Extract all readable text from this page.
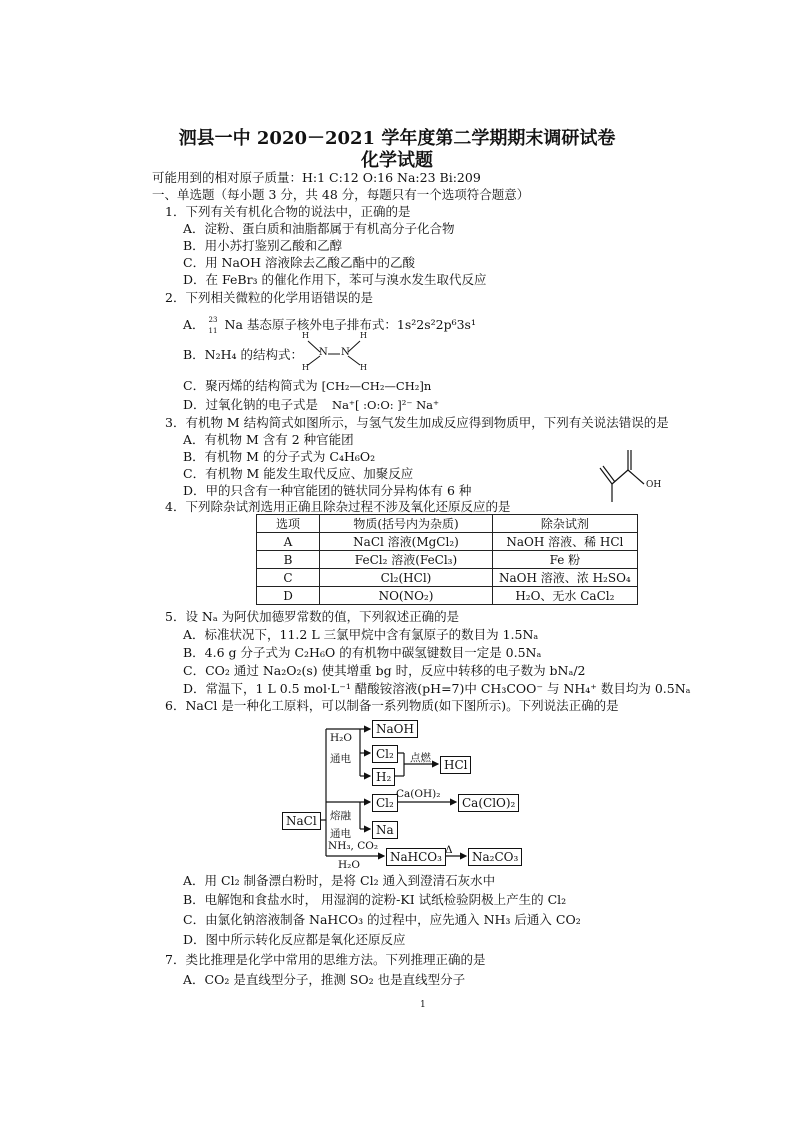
泗县一中 2020－2021 学年度第二学期期末调研试卷
化学试题
可能用到的相对原子质量：H:1 C:12 O:16 Na:23 Bi:209
一、单选题（每小题 3 分，共 48 分，每题只有一个选项符合题意）
1．下列有关有机化合物的说法中，正确的是
A．淀粉、蛋白质和油脂都属于有机高分子化合物
B．用小苏打鉴别乙酸和乙醇
C．用 NaOH 溶液除去乙酸乙酯中的乙酸
D．在 FeBr₃ 的催化作用下，苯可与溴水发生取代反应
2．下列相关微粒的化学用语错误的是
A． 23
11 Na 基态原子核外电子排布式：1s²2s²2p⁶3s¹
B．N₂H₄ 的结构式： N N
H
H
H
H
C．聚丙烯的结构简式为 [CH₂—CH₂—CH₂]n
D．过氧化钠的电子式是 Na⁺[ :O:O: ]²⁻ Na⁺
3．有机物 M 结构简式如图所示，与氢气发生加成反应得到物质甲，下列有关说法错误的是
A．有机物 M 含有 2 种官能团
B．有机物 M 的分子式为 C₄H₆O₂
C．有机物 M 能发生取代反应、加聚反应
D．甲的只含有一种官能团的链状同分异构体有 6 种	OH
4．下列除杂试剂选用正确且除杂过程不涉及氧化还原反应的是
选项	物质(括号内为杂质)	除杂试剂
A	NaCl 溶液(MgCl₂)	NaOH 溶液、稀 HCl
B	FeCl₂ 溶液(FeCl₃)	Fe 粉
C	Cl₂(HCl)	NaOH 溶液、浓 H₂SO₄
D	NO(NO₂)	H₂O、无水 CaCl₂
5．设 Nₐ 为阿伏加德罗常数的值，下列叙述正确的是
A．标准状况下，11.2 L 三氯甲烷中含有氯原子的数目为 1.5Nₐ
B．4.6 g 分子式为 C₂H₆O 的有机物中碳氢键数目一定是 0.5Nₐ
C．CO₂ 通过 Na₂O₂(s) 使其增重 bg 时，反应中转移的电子数为 bNₐ/2
D．常温下，1 L 0.5 mol·L⁻¹ 醋酸铵溶液(pH=7)中 CH₃COO⁻ 与 NH₄⁺ 数目均为 0.5Nₐ
6．NaCl 是一种化工原料，可以制备一系列物质(如下图所示)。下列说法正确的是
NaCl
NaOH
Cl₂
H₂
HCl
Cl₂	Ca(ClO)₂
Na
NaHCO₃	Na₂CO₃
H₂O
通电	点燃
Ca(OH)₂
熔融
通电
NH₃, CO₂
H₂O
Δ
A．用 Cl₂ 制备漂白粉时，是将 Cl₂ 通入到澄清石灰水中
B．电解饱和食盐水时， 用湿润的淀粉-KI 试纸检验阴极上产生的 Cl₂
C．由氯化钠溶液制备 NaHCO₃ 的过程中，应先通入 NH₃ 后通入 CO₂
D．图中所示转化反应都是氧化还原反应
7．类比推理是化学中常用的思维方法。下列推理正确的是
A．CO₂ 是直线型分子，推测 SO₂ 也是直线型分子
1
